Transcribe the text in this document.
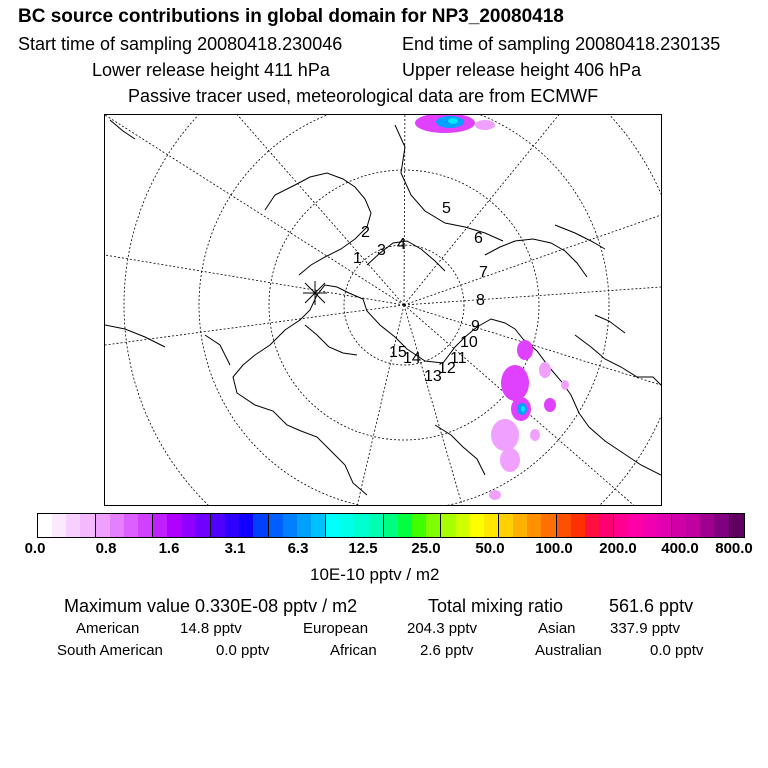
BC source contributions in global domain for NP3_20080418
Start time of sampling 20080418.230046	End time of sampling 20080418.230135
Lower release height 411 hPa	Upper release height 406 hPa
Passive tracer used, meteorological data are from ECMWF
1
2
3 4
5
6
7
8
9
10
11
12
13
14
15
0.0	0.8	1.6	3.1	6.3	12.5 25.0 50.0 100.0 200.0 400.0 800.0
10E-10 pptv / m2
Maximum value 0.330E-08 pptv / m2	Total mixing ratio	561.6 pptv
American	14.8 pptv	European	204.3 pptv	Asian 337.9 pptv
South American	0.0 pptv	African	2.6 pptv	Australian	0.0 pptv
